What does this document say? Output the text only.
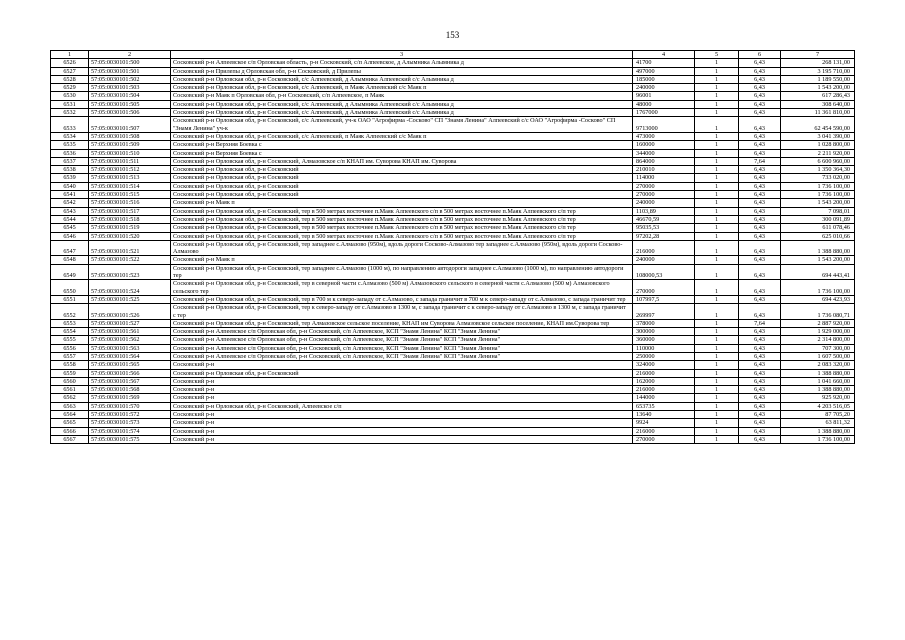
153
1	2	3	4	5	6	7
6526	57:05:0030101:500	Сосковский р-н Алпеевское с/п Орловская область, р-н Сосковский, с/п Алпеевское, д Алымника Алымника д	41700	1	6,43	268 131,00
6527	57:05:0030101:501	Сосковский р-н Прилепы д Орловская обл, р-н Сосковский, д Прилепы	497000	1	6,43	3 195 710,00
6528	57:05:0030101:502	Сосковский р-н Орловская обл, р-н Сосковский, с/с Алпеевский, д Алымника Алпеевский с/с Алымника д	185000	1	6,43	1 189 550,00
6529	57:05:0030101:503	Сосковский р-н Орловская обл, р-н Сосковский, с/с Алпеевский, п Маяк Алпеевский с/с Маяк п	240000	1	6,43	1 543 200,00
6530	57:05:0030101:504	Сосковский р-н Маяк п Орловская обл, р-н Сосковский, с/п Алпеевское, п Маяк	96001	1	6,43	617 286,43
6531	57:05:0030101:505	Сосковский р-н Орловская обл, р-н Сосковский, с/с Алпеевский, д Алымника Алпеевский с/с Алымника д	48000	1	6,43	308 640,00
6532	57:05:0030101:506	Сосковский р-н Орловская обл, р-н Сосковский, с/с Алпеевский, д Алымника Алпеевский с/с Алымника д	1767000	1	6,43	11 361 810,00
6533	57:05:0030101:507	Сосковский р-н Орловская обл, р-н Сосковский, с/с Алпеевский, уч-к ОАО "Агрофирма -Сосково" СП "Знамя Ленина" Алпеевский с/с ОАО "Агрофирма -Сосково" СП "Знамя Ленина" уч-к	9713000	1	6,43	62 454 590,00
6534	57:05:0030101:508	Сосковский р-н Орловская обл, р-н Сосковский, с/с Алпеевский, п Маяк Алпеевский с/с Маяк п	473000	1	6,43	3 041 390,00
6535	57:05:0030101:509	Сосковский р-н Верхняя Боевка с	160000	1	6,43	1 028 800,00
6536	57:05:0030101:510	Сосковский р-н Верхняя Боевка с	344000	1	6,43	2 211 920,00
6537	57:05:0030101:511	Сосковский р-н Орловская обл, р-н Сосковский, Алмазовское с/п КНАП им. Суворова КНАП им. Суворова	864000	1	7,64	6 600 960,00
6538	57:05:0030101:512	Сосковский р-н Орловская обл, р-н Сосковский	210010	1	6,43	1 350 364,30
6539	57:05:0030101:513	Сосковский р-н Орловская обл, р-н Сосковский	114000	1	6,43	733 020,00
6540	57:05:0030101:514	Сосковский р-н Орловская обл, р-н Сосковский	270000	1	6,43	1 736 100,00
6541	57:05:0030101:515	Сосковский р-н Орловская обл, р-н Сосковский	270000	1	6,43	1 736 100,00
6542	57:05:0030101:516	Сосковский р-н Маяк п	240000	1	6,43	1 543 200,00
6543	57:05:0030101:517	Сосковский р-н Орловская обл, р-н Сосковский, тер в 500 метрах восточнее п.Маяк Алпеевского с/п в 500 метрах восточнее п.Маяк Алпеевского с/п тер	1103,89	1	6,43	7 098,01
6544	57:05:0030101:518	Сосковский р-н Орловская обл, р-н Сосковский, тер в 500 метрах восточнее п.Маяк Алпеевского с/п в 500 метрах восточнее п.Маяк Алпеевского с/п тер	46670,59	1	6,43	300 091,89
6545	57:05:0030101:519	Сосковский р-н Орловская обл, р-н Сосковский, тер в 500 метрах восточнее п.Маяк Алпеевского с/п в 500 метрах восточнее п.Маяк Алпеевского с/п тер	95035,53	1	6,43	611 078,46
6546	57:05:0030101:520	Сосковский р-н Орловская обл, р-н Сосковский, тер в 500 метрах восточнее п.Маяк Алпеевского с/п в 500 метрах восточнее п.Маяк Алпеевского с/п тер	97202,28	1	6,43	625 010,66
6547	57:05:0030101:521	Сосковский р-н Орловская обл, р-н Сосковский, тер западнее с.Алмазово (950м), вдоль дороги Сосково-Алмазово тер западнее с.Алмазово (950м), вдоль дороги Сосково-Алмазово	216000	1	6,43	1 388 880,00
6548	57:05:0030101:522	Сосковский р-н Маяк п	240000	1	6,43	1 543 200,00
6549	57:05:0030101:523	Сосковский р-н Орловская обл, р-н Сосковский, тер западнее с.Алмазово (1000 м), по направлению автодороги западнее с.Алмазово (1000 м), по направлению автодороги тер	108000,53	1	6,43	694 443,41
6550	57:05:0030101:524	Сосковский р-н Орловская обл, р-н Сосковский, тер в северной части с.Алмазово (500 м) Алмазовского сельского в северной части с.Алмазово (500 м) Алмазовского сельского тер	270000	1	6,43	1 736 100,00
6551	57:05:0030101:525	Сосковский р-н Орловская обл, р-н Сосковский, тер в 700 м к северо-западу от с.Алмазово, с запада граничит в 700 м к северо-западу от с.Алмазово, с запада граничит тер	107997,5	1	6,43	694 423,93
6552	57:05:0030101:526	Сосковский р-н Орловская обл, р-н Сосковский, тер к северо-западу от с.Алмазово в 1300 м, с запада граничит с к северо-западу от с.Алмазово в 1300 м, с запада граничит с тер	269997	1	6,43	1 736 080,71
6553	57:05:0030101:527	Сосковский р-н Орловская обл, р-н Сосковский, тер Алмазовское сельское поселение, КНАП им Суворова Алмазовское сельское поселение, КНАП им.Суворова тер	378000	1	7,64	2 887 920,00
6554	57:05:0030101:561	Сосковский р-н Алпеевское с/п Орловская обл, р-н Сосковский, с/п Алпеевское, КСП "Знамя Ленина" КСП "Знамя Ленина"	300000	1	6,43	1 929 000,00
6555	57:05:0030101:562	Сосковский р-н Алпеевское с/п Орловская обл, р-н Сосковский, с/п Алпеевское, КСП "Знамя Ленина" КСП "Знамя Ленина"	360000	1	6,43	2 314 800,00
6556	57:05:0030101:563	Сосковский р-н Алпеевское с/п Орловская обл, р-н Сосковский, с/п Алпеевское, КСП "Знамя Ленина" КСП "Знамя Ленина"	110000	1	6,43	707 300,00
6557	57:05:0030101:564	Сосковский р-н Алпеевское с/п Орловская обл, р-н Сосковский, с/п Алпеевское, КСП "Знамя Ленина" КСП "Знамя Ленина"	250000	1	6,43	1 607 500,00
6558	57:05:0030101:565	Сосковский р-н	324000	1	6,43	2 083 320,00
6559	57:05:0030101:566	Сосковский р-н Орловская обл, р-н Сосковский	216000	1	6,43	1 388 880,00
6560	57:05:0030101:567	Сосковский р-н	162000	1	6,43	1 041 660,00
6561	57:05:0030101:568	Сосковский р-н	216000	1	6,43	1 388 880,00
6562	57:05:0030101:569	Сосковский р-н	144000	1	6,43	925 920,00
6563	57:05:0030101:570	Сосковский р-н Орловская обл, р-н Сосковский, Алпеевское с/п	653735	1	6,43	4 203 516,05
6564	57:05:0030101:572	Сосковский р-н	13640	1	6,43	87 705,20
6565	57:05:0030101:573	Сосковский р-н	9924	1	6,43	63 811,32
6566	57:05:0030101:574	Сосковский р-н	216000	1	6,43	1 388 880,00
6567	57:05:0030101:575	Сосковский р-н	270000	1	6,43	1 736 100,00
